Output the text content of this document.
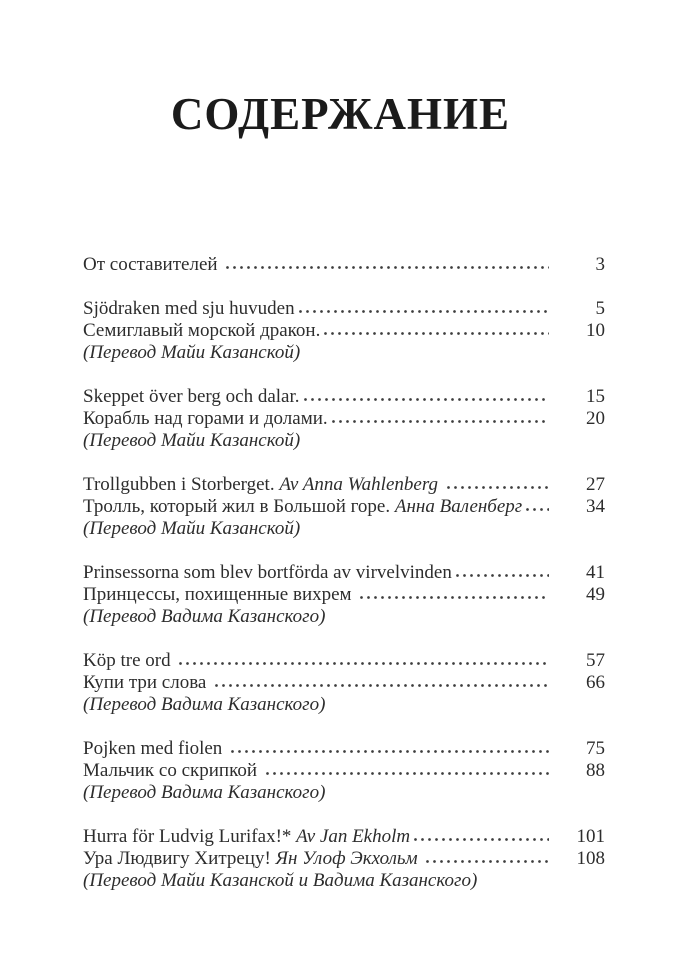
СОДЕРЖАНИЕ
От составителей	3
Sjödraken med sju huvuden	5
Семиглавый морской дракон.	10
(Перевод Майи Казанской)
Skeppet över berg och dalar.	15
Корабль над горами и долами.	20
(Перевод Майи Казанской)
Trollgubben i Storberget. Av Anna Wahlenberg	27
Тролль, который жил в Большой горе. Анна Валенберг	34
(Перевод Майи Казанской)
Prinsessorna som blev bortförda av virvelvinden	41
Принцессы, похищенные вихрем	49
(Перевод Вадима Казанского)
Köp tre ord	57
Купи три слова	66
(Перевод Вадима Казанского)
Pojken med fiolen	75
Мальчик со скрипкой	88
(Перевод Вадима Казанского)
Hurra för Ludvig Lurifax!* Av Jan Ekholm	101
Ура Людвигу Хитрецу! Ян Улоф Экхольм	108
(Перевод Майи Казанской и Вадима Казанского)
